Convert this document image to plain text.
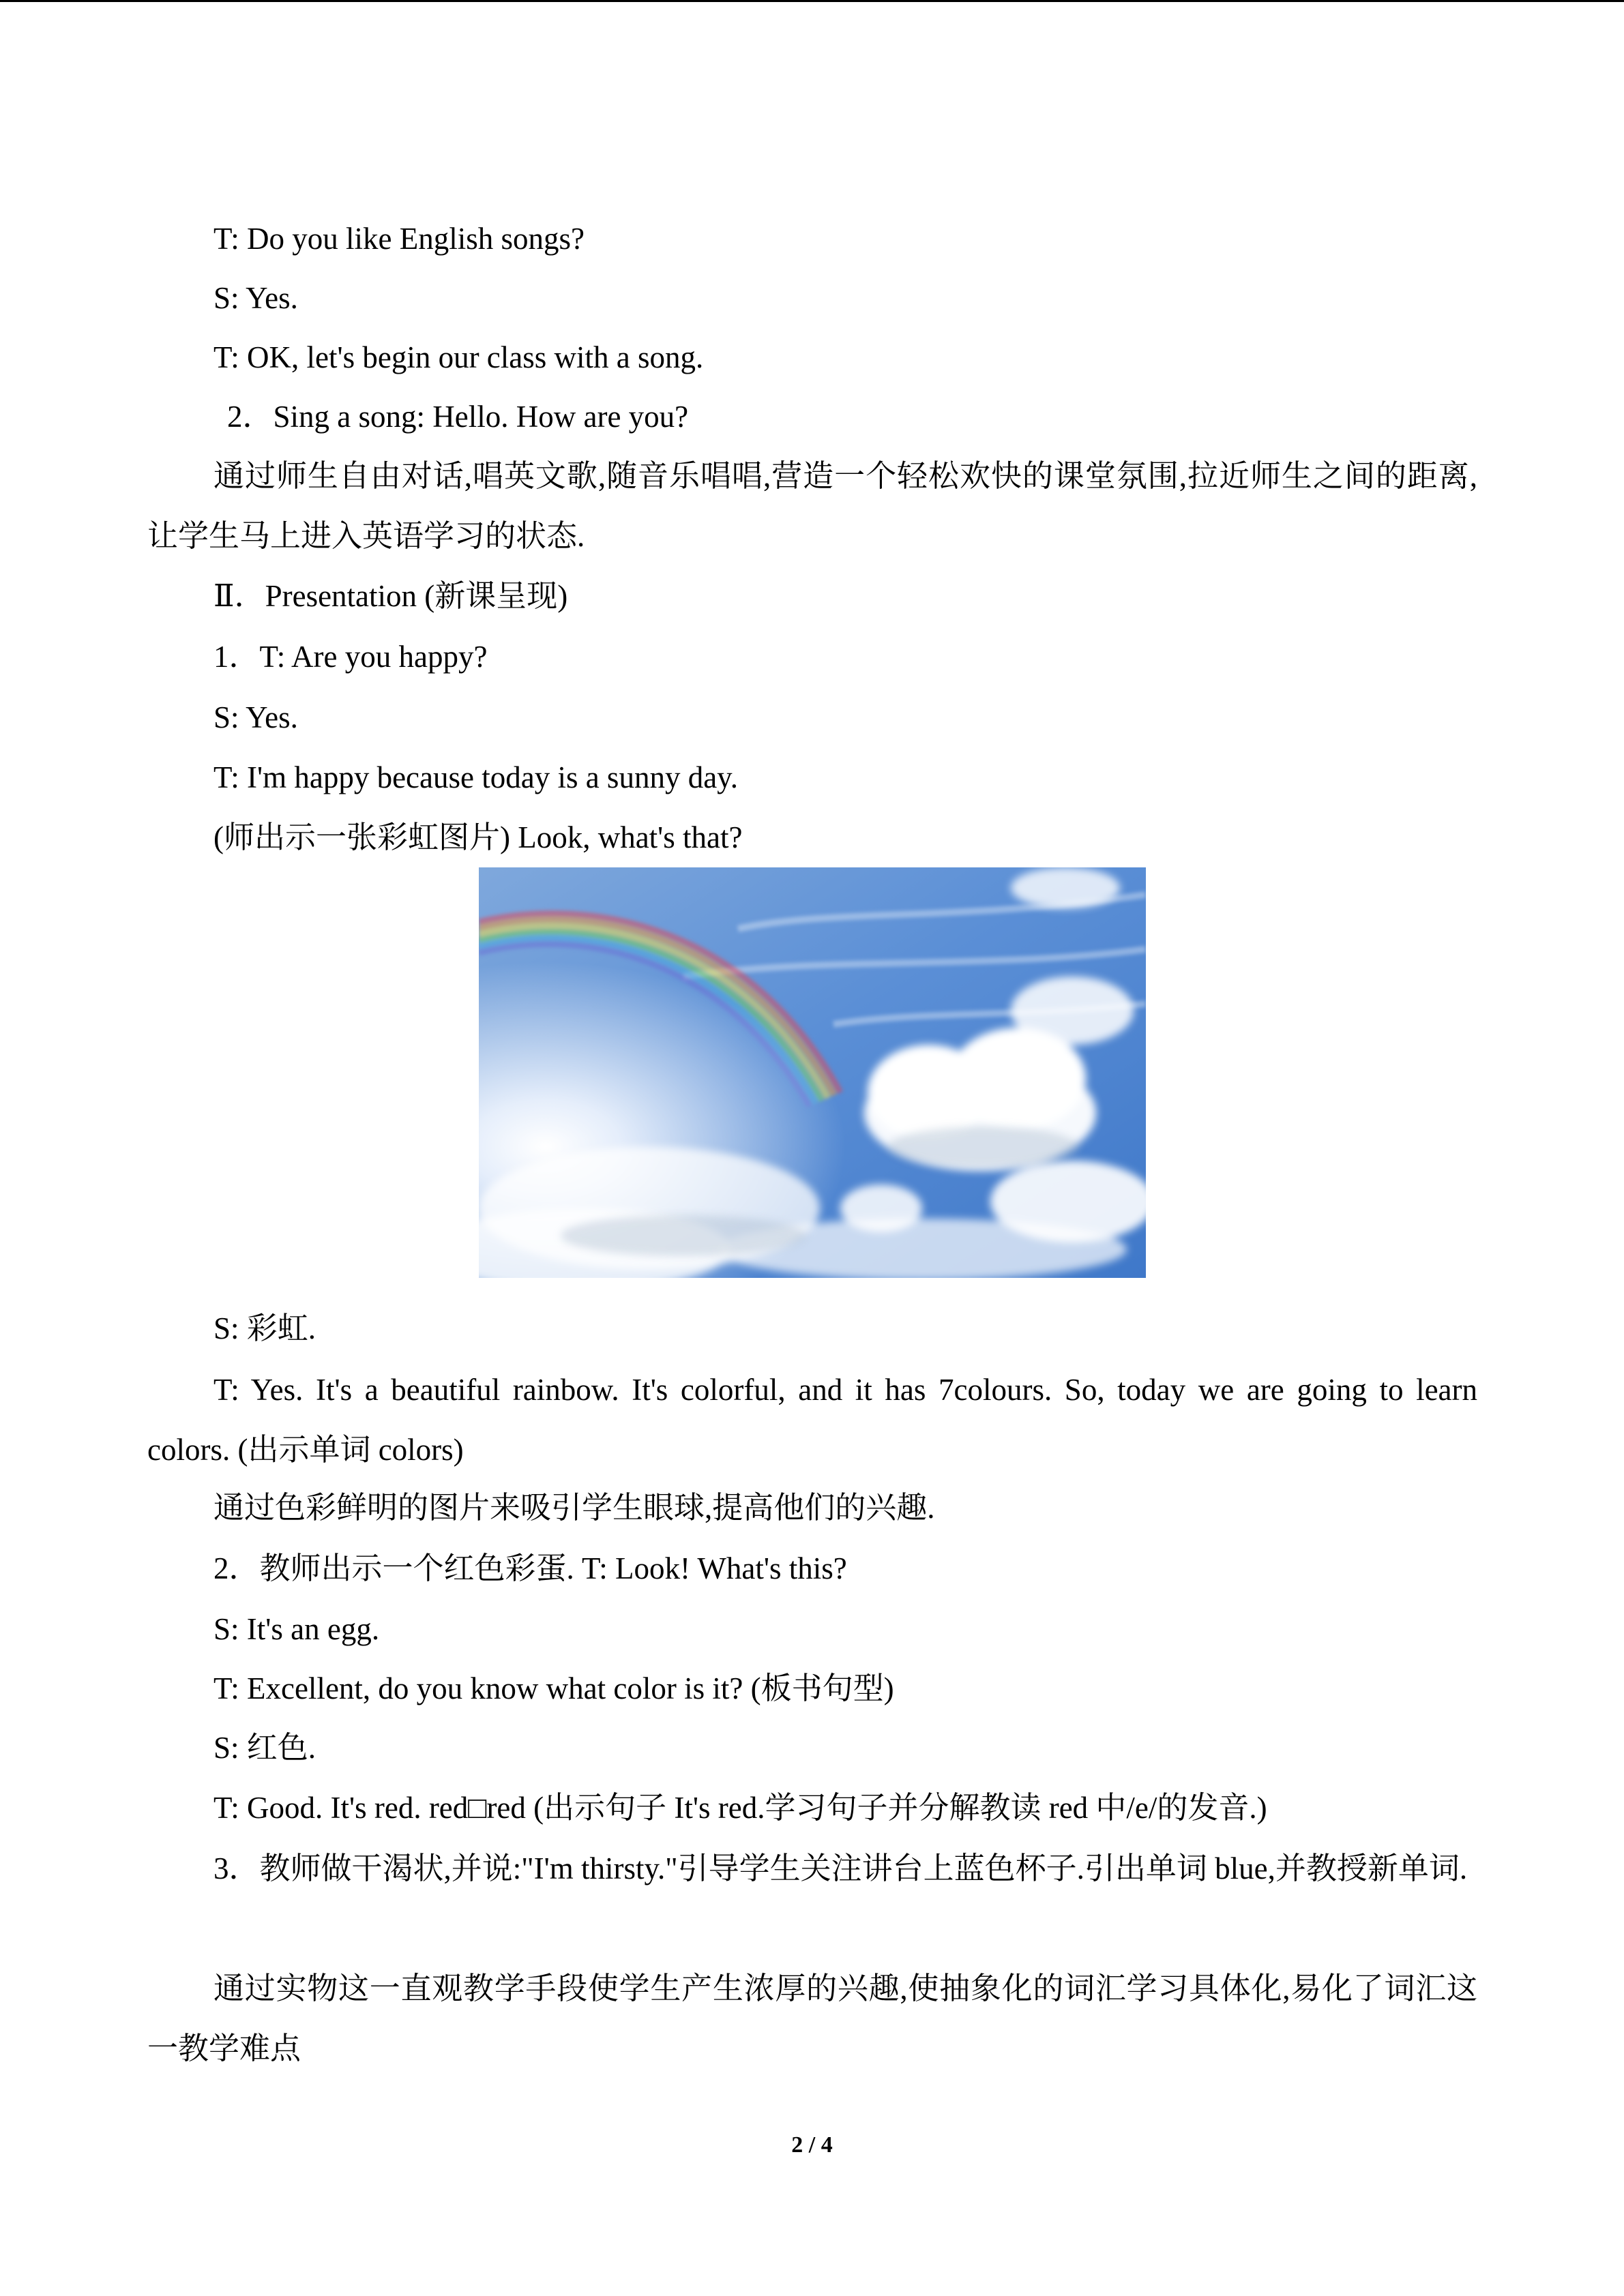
T: Do you like English songs?
S: Yes.
T: OK, let's begin our class with a song.
2．Sing a song: Hello. How are you?
通过师生自由对话,唱英文歌,随音乐唱唱,营造一个轻松欢快的课堂氛围,拉近师生之间的距离,让学生马上进入英语学习的状态.
Ⅱ．Presentation (新课呈现)
1．T: Are you happy?
S: Yes.
T: I'm happy because today is a sunny day.
(师出示一张彩虹图片) Look, what's that?
S: 彩虹.
T: Yes. It's a beautiful rainbow. It's colorful, and it has 7colours. So, today we are going to learn colors. (出示单词 colors)
通过色彩鲜明的图片来吸引学生眼球,提高他们的兴趣.
2．教师出示一个红色彩蛋. T: Look! What's this?
S: It's an egg.
T: Excellent, do you know what color is it? (板书句型)
S: 红色.
T: Good. It's red. red□red (出示句子 It's red.学习句子并分解教读 red 中/e/的发音.)
3．教师做干渴状,并说:"I'm thirsty."引导学生关注讲台上蓝色杯子.引出单词 blue,并教授新单词.
通过实物这一直观教学手段使学生产生浓厚的兴趣,使抽象化的词汇学习具体化,易化了词汇这一教学难点
2 / 4
